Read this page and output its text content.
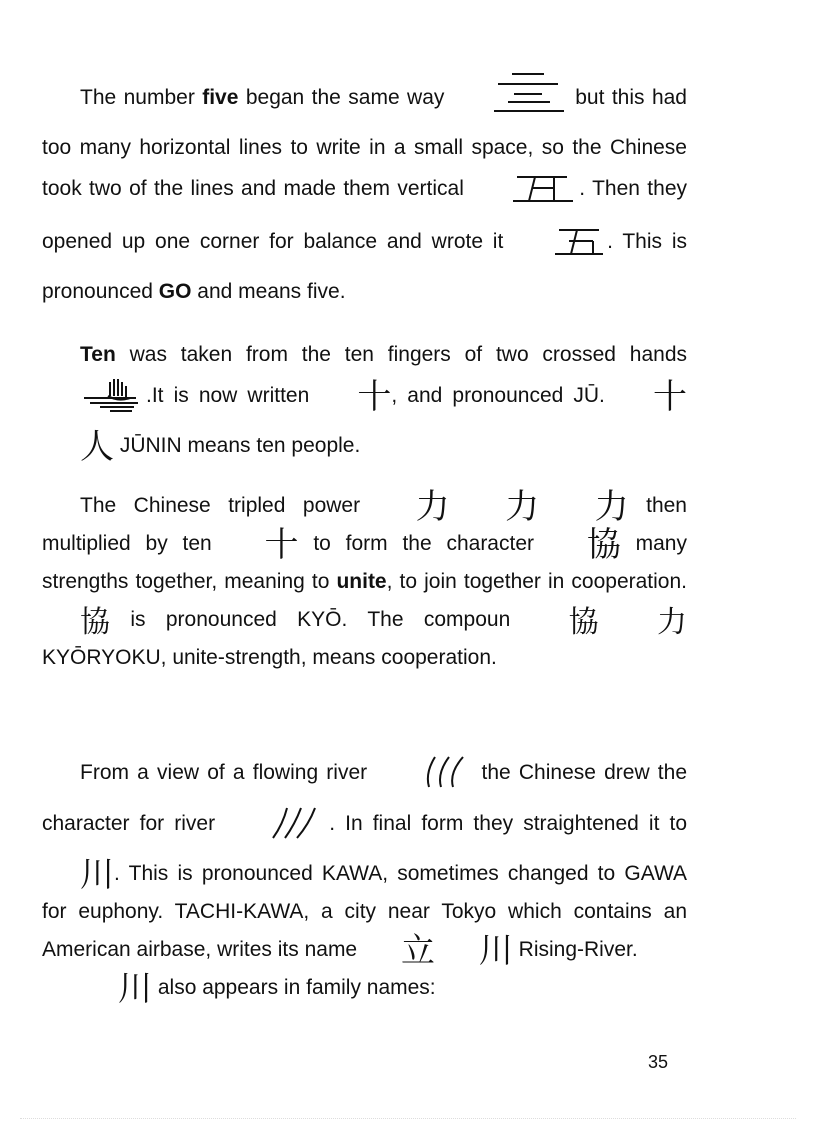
The number five began the same way	but this had too many horizontal lines to write in a small space, so the Chinese took two of the lines and made them vertical	. Then they opened up one corner for balance and wrote it	. This is pronounced GO and means five.

Ten was taken from the ten fingers of two crossed hands .It is now written 十, and pronounced JŪ. 十 人 JŪNIN means ten people.

The Chinese tripled power 力 力 力 then multiplied by ten 十 to form the character 協 many strengths together, meaning to unite, to join together in cooperation. 協 is pronounced KYŌ. The compoun 協 力KYŌRYOKU, unite-strength, means cooperation.

From a view of a flowing river	the Chinese drew the character for river	. In final form they straightened it to 川. This is pronounced KAWA, sometimes changed to GAWA for euphony. TACHI-KAWA, a city near Tokyo which contains an American airbase, writes its name 立 川 Rising-River.

川 also appears in family names:

35
